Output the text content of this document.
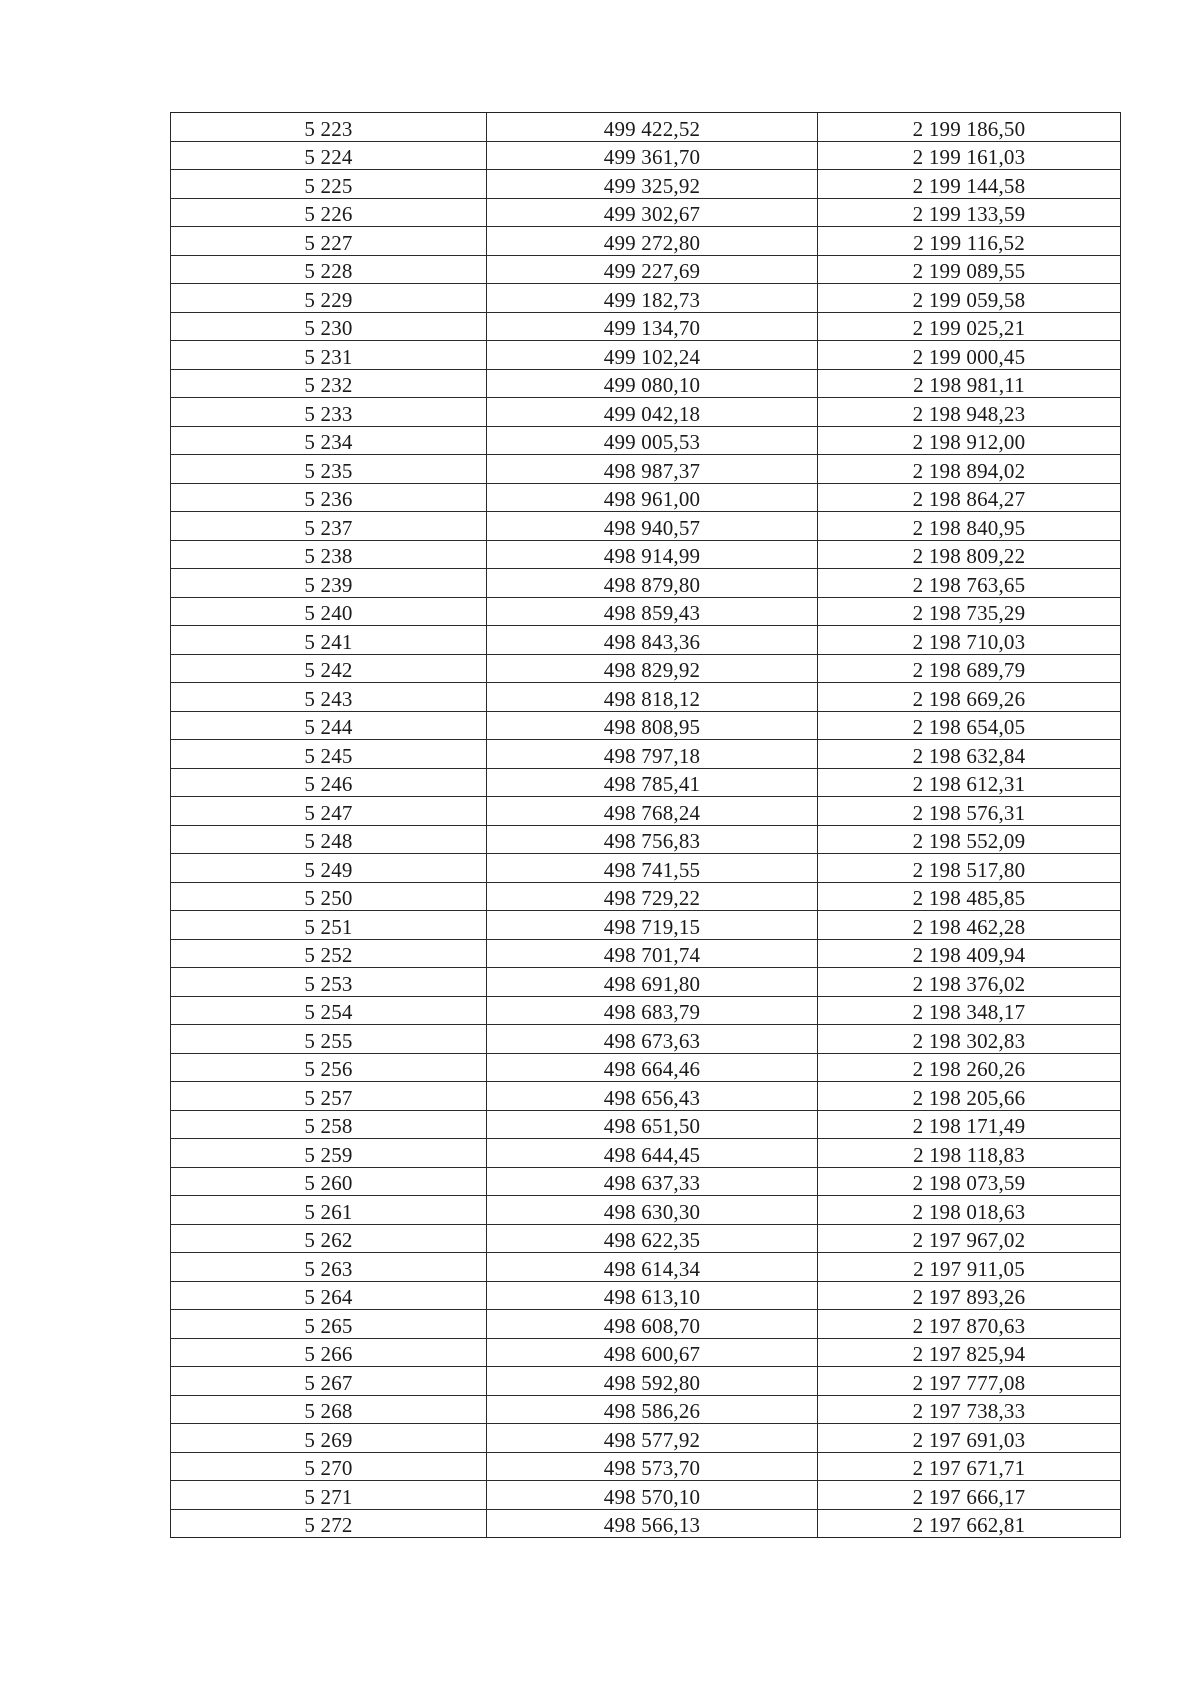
5 223	499 422,52	2 199 186,50
5 224	499 361,70	2 199 161,03
5 225	499 325,92	2 199 144,58
5 226	499 302,67	2 199 133,59
5 227	499 272,80	2 199 116,52
5 228	499 227,69	2 199 089,55
5 229	499 182,73	2 199 059,58
5 230	499 134,70	2 199 025,21
5 231	499 102,24	2 199 000,45
5 232	499 080,10	2 198 981,11
5 233	499 042,18	2 198 948,23
5 234	499 005,53	2 198 912,00
5 235	498 987,37	2 198 894,02
5 236	498 961,00	2 198 864,27
5 237	498 940,57	2 198 840,95
5 238	498 914,99	2 198 809,22
5 239	498 879,80	2 198 763,65
5 240	498 859,43	2 198 735,29
5 241	498 843,36	2 198 710,03
5 242	498 829,92	2 198 689,79
5 243	498 818,12	2 198 669,26
5 244	498 808,95	2 198 654,05
5 245	498 797,18	2 198 632,84
5 246	498 785,41	2 198 612,31
5 247	498 768,24	2 198 576,31
5 248	498 756,83	2 198 552,09
5 249	498 741,55	2 198 517,80
5 250	498 729,22	2 198 485,85
5 251	498 719,15	2 198 462,28
5 252	498 701,74	2 198 409,94
5 253	498 691,80	2 198 376,02
5 254	498 683,79	2 198 348,17
5 255	498 673,63	2 198 302,83
5 256	498 664,46	2 198 260,26
5 257	498 656,43	2 198 205,66
5 258	498 651,50	2 198 171,49
5 259	498 644,45	2 198 118,83
5 260	498 637,33	2 198 073,59
5 261	498 630,30	2 198 018,63
5 262	498 622,35	2 197 967,02
5 263	498 614,34	2 197 911,05
5 264	498 613,10	2 197 893,26
5 265	498 608,70	2 197 870,63
5 266	498 600,67	2 197 825,94
5 267	498 592,80	2 197 777,08
5 268	498 586,26	2 197 738,33
5 269	498 577,92	2 197 691,03
5 270	498 573,70	2 197 671,71
5 271	498 570,10	2 197 666,17
5 272	498 566,13	2 197 662,81
